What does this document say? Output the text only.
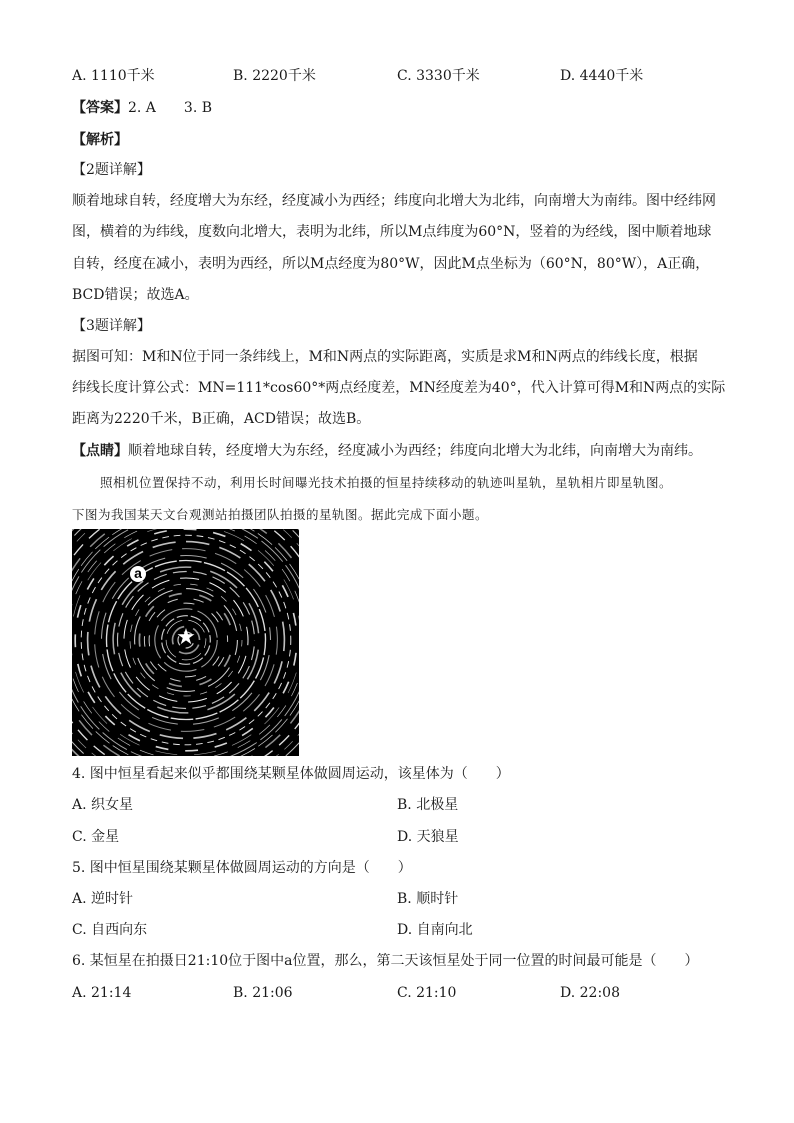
A. 1110千米	B. 2220千米	C. 3330千米	D. 4440千米
【答案】2. A　　3. B
【解析】
【2题详解】
顺着地球自转，经度增大为东经，经度减小为西经；纬度向北增大为北纬，向南增大为南纬。图中经纬网
图，横着的为纬线，度数向北增大，表明为北纬，所以M点纬度为60°N，竖着的为经线，图中顺着地球
自转，经度在减小，表明为西经，所以M点经度为80°W，因此M点坐标为（60°N，80°W），A正确，
BCD错误；故选A。
【3题详解】
据图可知：M和N位于同一条纬线上，M和N两点的实际距离，实质是求M和N两点的纬线长度，根据
纬线长度计算公式：MN=111*cos60°*两点经度差，MN经度差为40°，代入计算可得M和N两点的实际
距离为2220千米，B正确，ACD错误；故选B。
【点睛】顺着地球自转，经度增大为东经，经度减小为西经；纬度向北增大为北纬，向南增大为南纬。
照相机位置保持不动，利用长时间曝光技术拍摄的恒星持续移动的轨迹叫星轨，星轨相片即星轨图。
下图为我国某天文台观测站拍摄团队拍摄的星轨图。据此完成下面小题。
a
★
4. 图中恒星看起来似乎都围绕某颗星体做圆周运动，该星体为（　　）
A. 织女星	B. 北极星
C. 金星	D. 天狼星
5. 图中恒星围绕某颗星体做圆周运动的方向是（　　）
A. 逆时针	B. 顺时针
C. 自西向东	D. 自南向北
6. 某恒星在拍摄日21:10位于图中a位置，那么，第二天该恒星处于同一位置的时间最可能是（　　）
A. 21:14	B. 21:06	C. 21:10	D. 22:08
